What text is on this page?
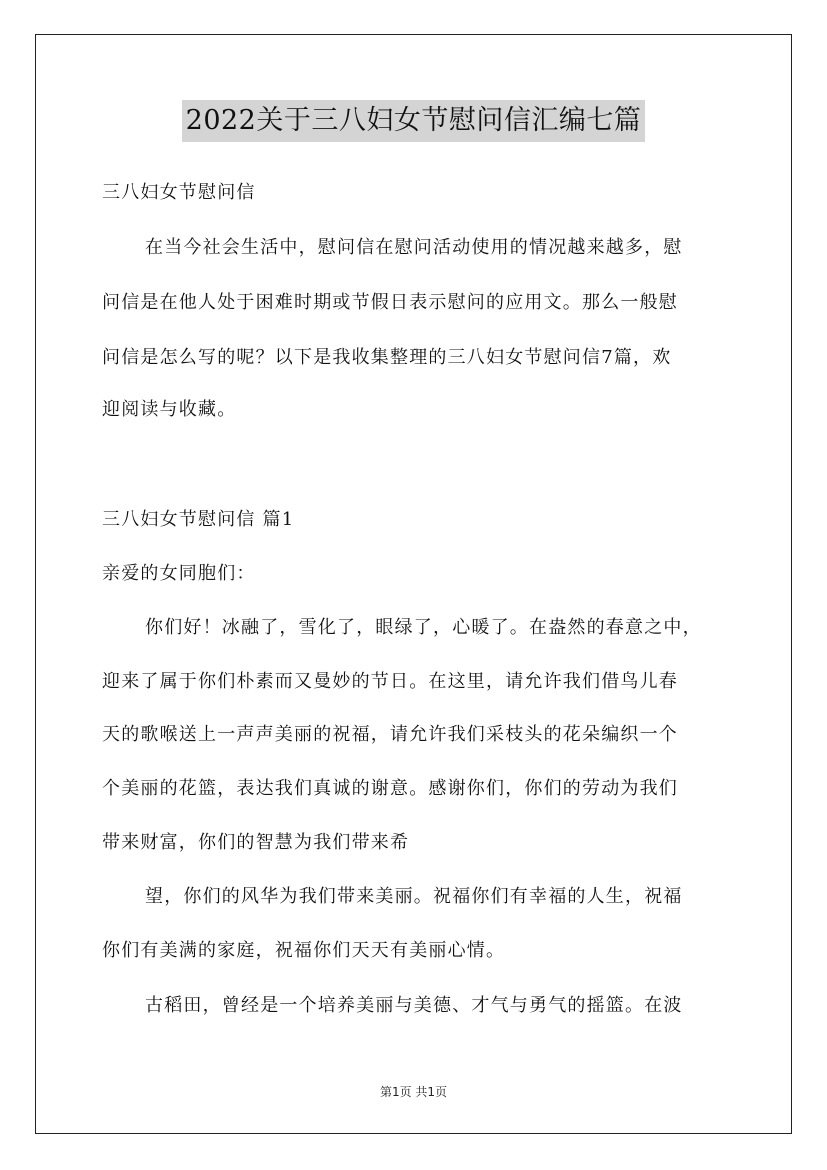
2022关于三八妇女节慰问信汇编七篇
三八妇女节慰问信
在当今社会生活中，慰问信在慰问活动使用的情况越来越多，慰
问信是在他人处于困难时期或节假日表示慰问的应用文。那么一般慰
问信是怎么写的呢？以下是我收集整理的三八妇女节慰问信7篇，欢
迎阅读与收藏。
三八妇女节慰问信 篇1
亲爱的女同胞们：
你们好！冰融了，雪化了，眼绿了，心暖了。在盎然的春意之中，
迎来了属于你们朴素而又曼妙的节日。在这里，请允许我们借鸟儿春
天的歌喉送上一声声美丽的祝福，请允许我们采枝头的花朵编织一个
个美丽的花篮，表达我们真诚的谢意。感谢你们，你们的劳动为我们
带来财富，你们的智慧为我们带来希
望，你们的风华为我们带来美丽。祝福你们有幸福的人生，祝福
你们有美满的家庭，祝福你们天天有美丽心情。
古稻田，曾经是一个培养美丽与美德、才气与勇气的摇篮。在波
第1页 共1页
